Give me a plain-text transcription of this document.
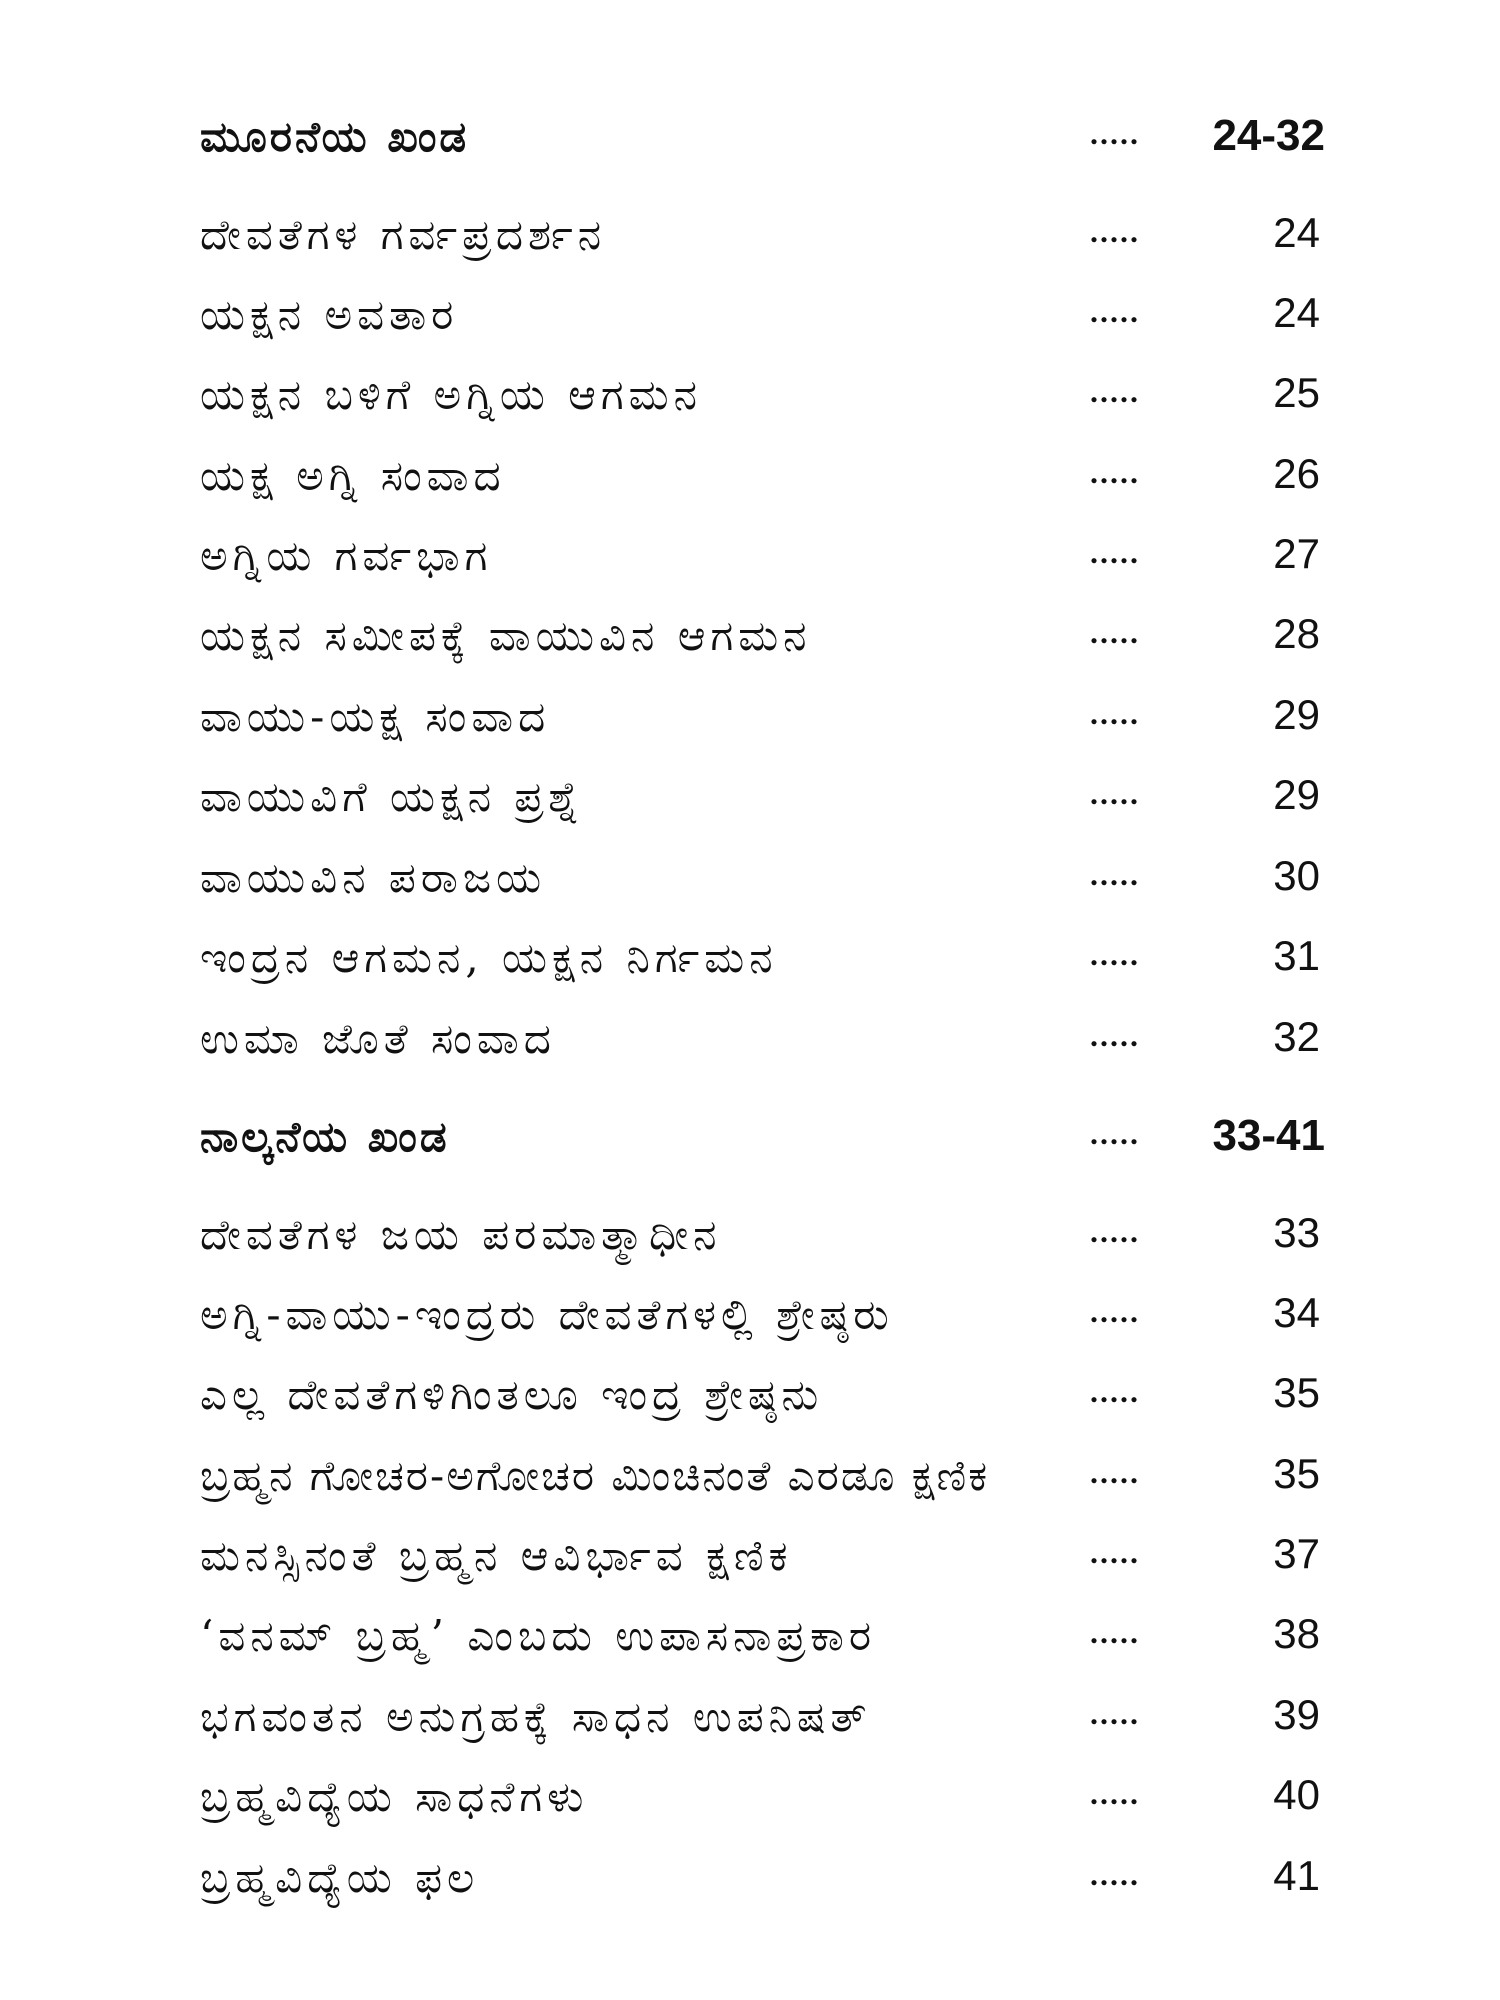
ಮೂರನೆಯ ಖಂಡ	..... 24-32
ದೇವತೆಗಳ ಗರ್ವಪ್ರದರ್ಶನ	.....	24
ಯಕ್ಷನ ಅವತಾರ	.....	24
ಯಕ್ಷನ ಬಳಿಗೆ ಅಗ್ನಿಯ ಆಗಮನ	.....	25
ಯಕ್ಷ ಅಗ್ನಿ ಸಂವಾದ	.....	26
ಅಗ್ನಿಯ ಗರ್ವಭಾಗ	.....	27
ಯಕ್ಷನ ಸಮೀಪಕ್ಕೆ ವಾಯುವಿನ ಆಗಮನ	.....	28
ವಾಯು-ಯಕ್ಷ ಸಂವಾದ	.....	29
ವಾಯುವಿಗೆ ಯಕ್ಷನ ಪ್ರಶ್ನೆ	.....	29
ವಾಯುವಿನ ಪರಾಜಯ	.....	30
ಇಂದ್ರನ ಆಗಮನ, ಯಕ್ಷನ ನಿರ್ಗಮನ	.....	31
ಉಮಾ ಜೊತೆ ಸಂವಾದ	.....	32
ನಾಲ್ಕನೆಯ ಖಂಡ	..... 33-41
ದೇವತೆಗಳ ಜಯ ಪರಮಾತ್ಮಾಧೀನ	.....	33
ಅಗ್ನಿ-ವಾಯು-ಇಂದ್ರರು ದೇವತೆಗಳಲ್ಲಿ ಶ್ರೇಷ್ಠರು	.....	34
ಎಲ್ಲ ದೇವತೆಗಳಿಗಿಂತಲೂ ಇಂದ್ರ ಶ್ರೇಷ್ಠನು	.....	35
ಬ್ರಹ್ಮನ ಗೋಚರ-ಅಗೋಚರ ಮಿಂಚಿನಂತೆ ಎರಡೂ ಕ್ಷಣಿಕ	.....	35
ಮನಸ್ಸಿನಂತೆ ಬ್ರಹ್ಮನ ಆವಿರ್ಭಾವ ಕ್ಷಣಿಕ	.....	37
‘ವನಮ್ ಬ್ರಹ್ಮ’ ಎಂಬದು ಉಪಾಸನಾಪ್ರಕಾರ	.....	38
ಭಗವಂತನ ಅನುಗ್ರಹಕ್ಕೆ ಸಾಧನ ಉಪನಿಷತ್	.....	39
ಬ್ರಹ್ಮವಿದ್ಯೆಯ ಸಾಧನೆಗಳು	.....	40
ಬ್ರಹ್ಮವಿದ್ಯೆಯ ಫಲ	.....	41
